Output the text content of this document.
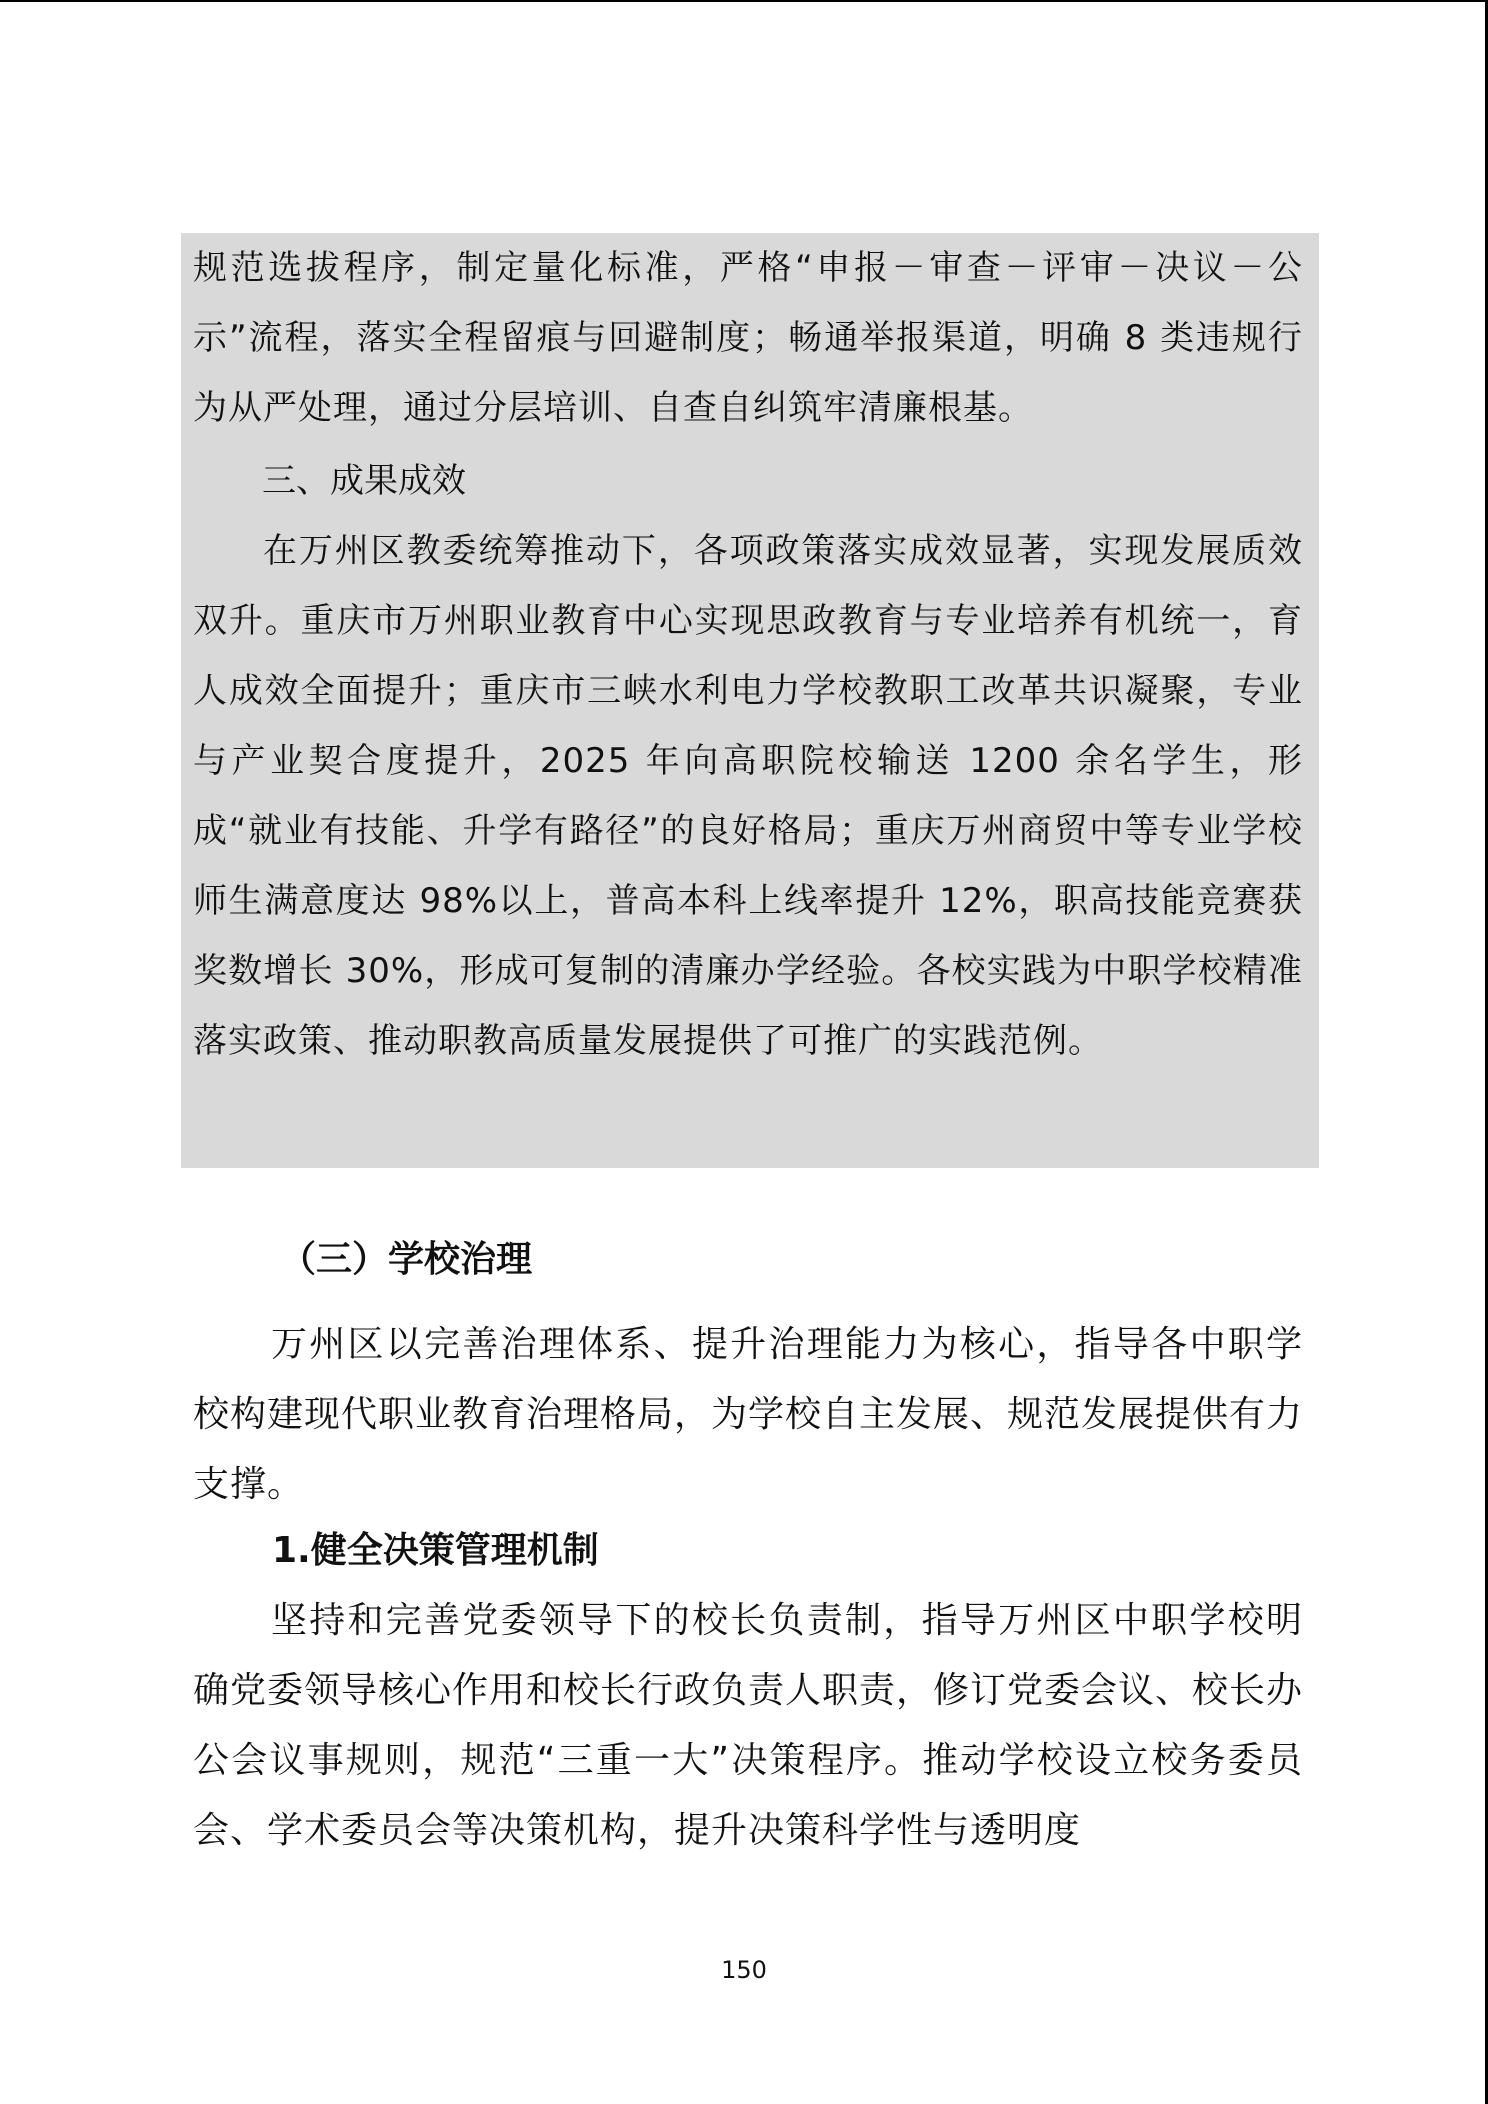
规范选拔程序，制定量化标准，严格“申报－审查－评审－决议－公示”流程，落实全程留痕与回避制度；畅通举报渠道，明确 8 类违规行为从严处理，通过分层培训、自查自纠筑牢清廉根基。

三、成果成效

在万州区教委统筹推动下，各项政策落实成效显著，实现发展质效双升。重庆市万州职业教育中心实现思政教育与专业培养有机统一，育人成效全面提升；重庆市三峡水利电力学校教职工改革共识凝聚，专业与产业契合度提升，2025 年向高职院校输送 1200 余名学生，形成“就业有技能、升学有路径”的良好格局；重庆万州商贸中等专业学校师生满意度达 98%以上，普高本科上线率提升 12%，职高技能竞赛获奖数增长 30%，形成可复制的清廉办学经验。各校实践为中职学校精准落实政策、推动职教高质量发展提供了可推广的实践范例。

（三）学校治理

万州区以完善治理体系、提升治理能力为核心，指导各中职学校构建现代职业教育治理格局，为学校自主发展、规范发展提供有力支撑。

1.健全决策管理机制

坚持和完善党委领导下的校长负责制，指导万州区中职学校明确党委领导核心作用和校长行政负责人职责，修订党委会议、校长办公会议事规则，规范“三重一大”决策程序。推动学校设立校务委员会、学术委员会等决策机构，提升决策科学性与透明度

150
